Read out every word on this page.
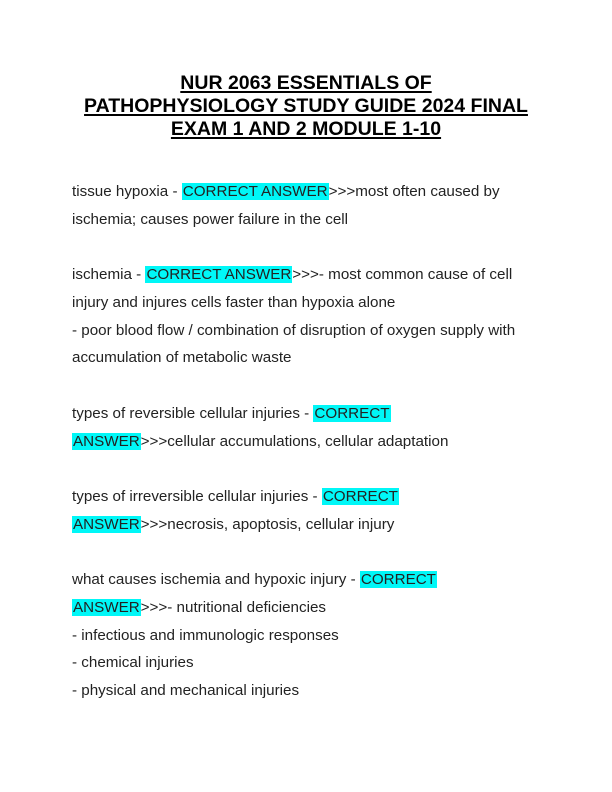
NUR 2063 ESSENTIALS OF
PATHOPHYSIOLOGY STUDY GUIDE 2024 FINAL
EXAM 1 AND 2 MODULE 1-10
tissue hypoxia - CORRECT ANSWER>>>most often caused by
ischemia; causes power failure in the cell
ischemia - CORRECT ANSWER>>>- most common cause of cell
injury and injures cells faster than hypoxia alone
- poor blood flow / combination of disruption of oxygen supply with
accumulation of metabolic waste
types of reversible cellular injuries - CORRECT
ANSWER>>>cellular accumulations, cellular adaptation
types of irreversible cellular injuries - CORRECT
ANSWER>>>necrosis, apoptosis, cellular injury
what causes ischemia and hypoxic injury - CORRECT
ANSWER>>>- nutritional deficiencies
- infectious and immunologic responses
- chemical injuries
- physical and mechanical injuries
